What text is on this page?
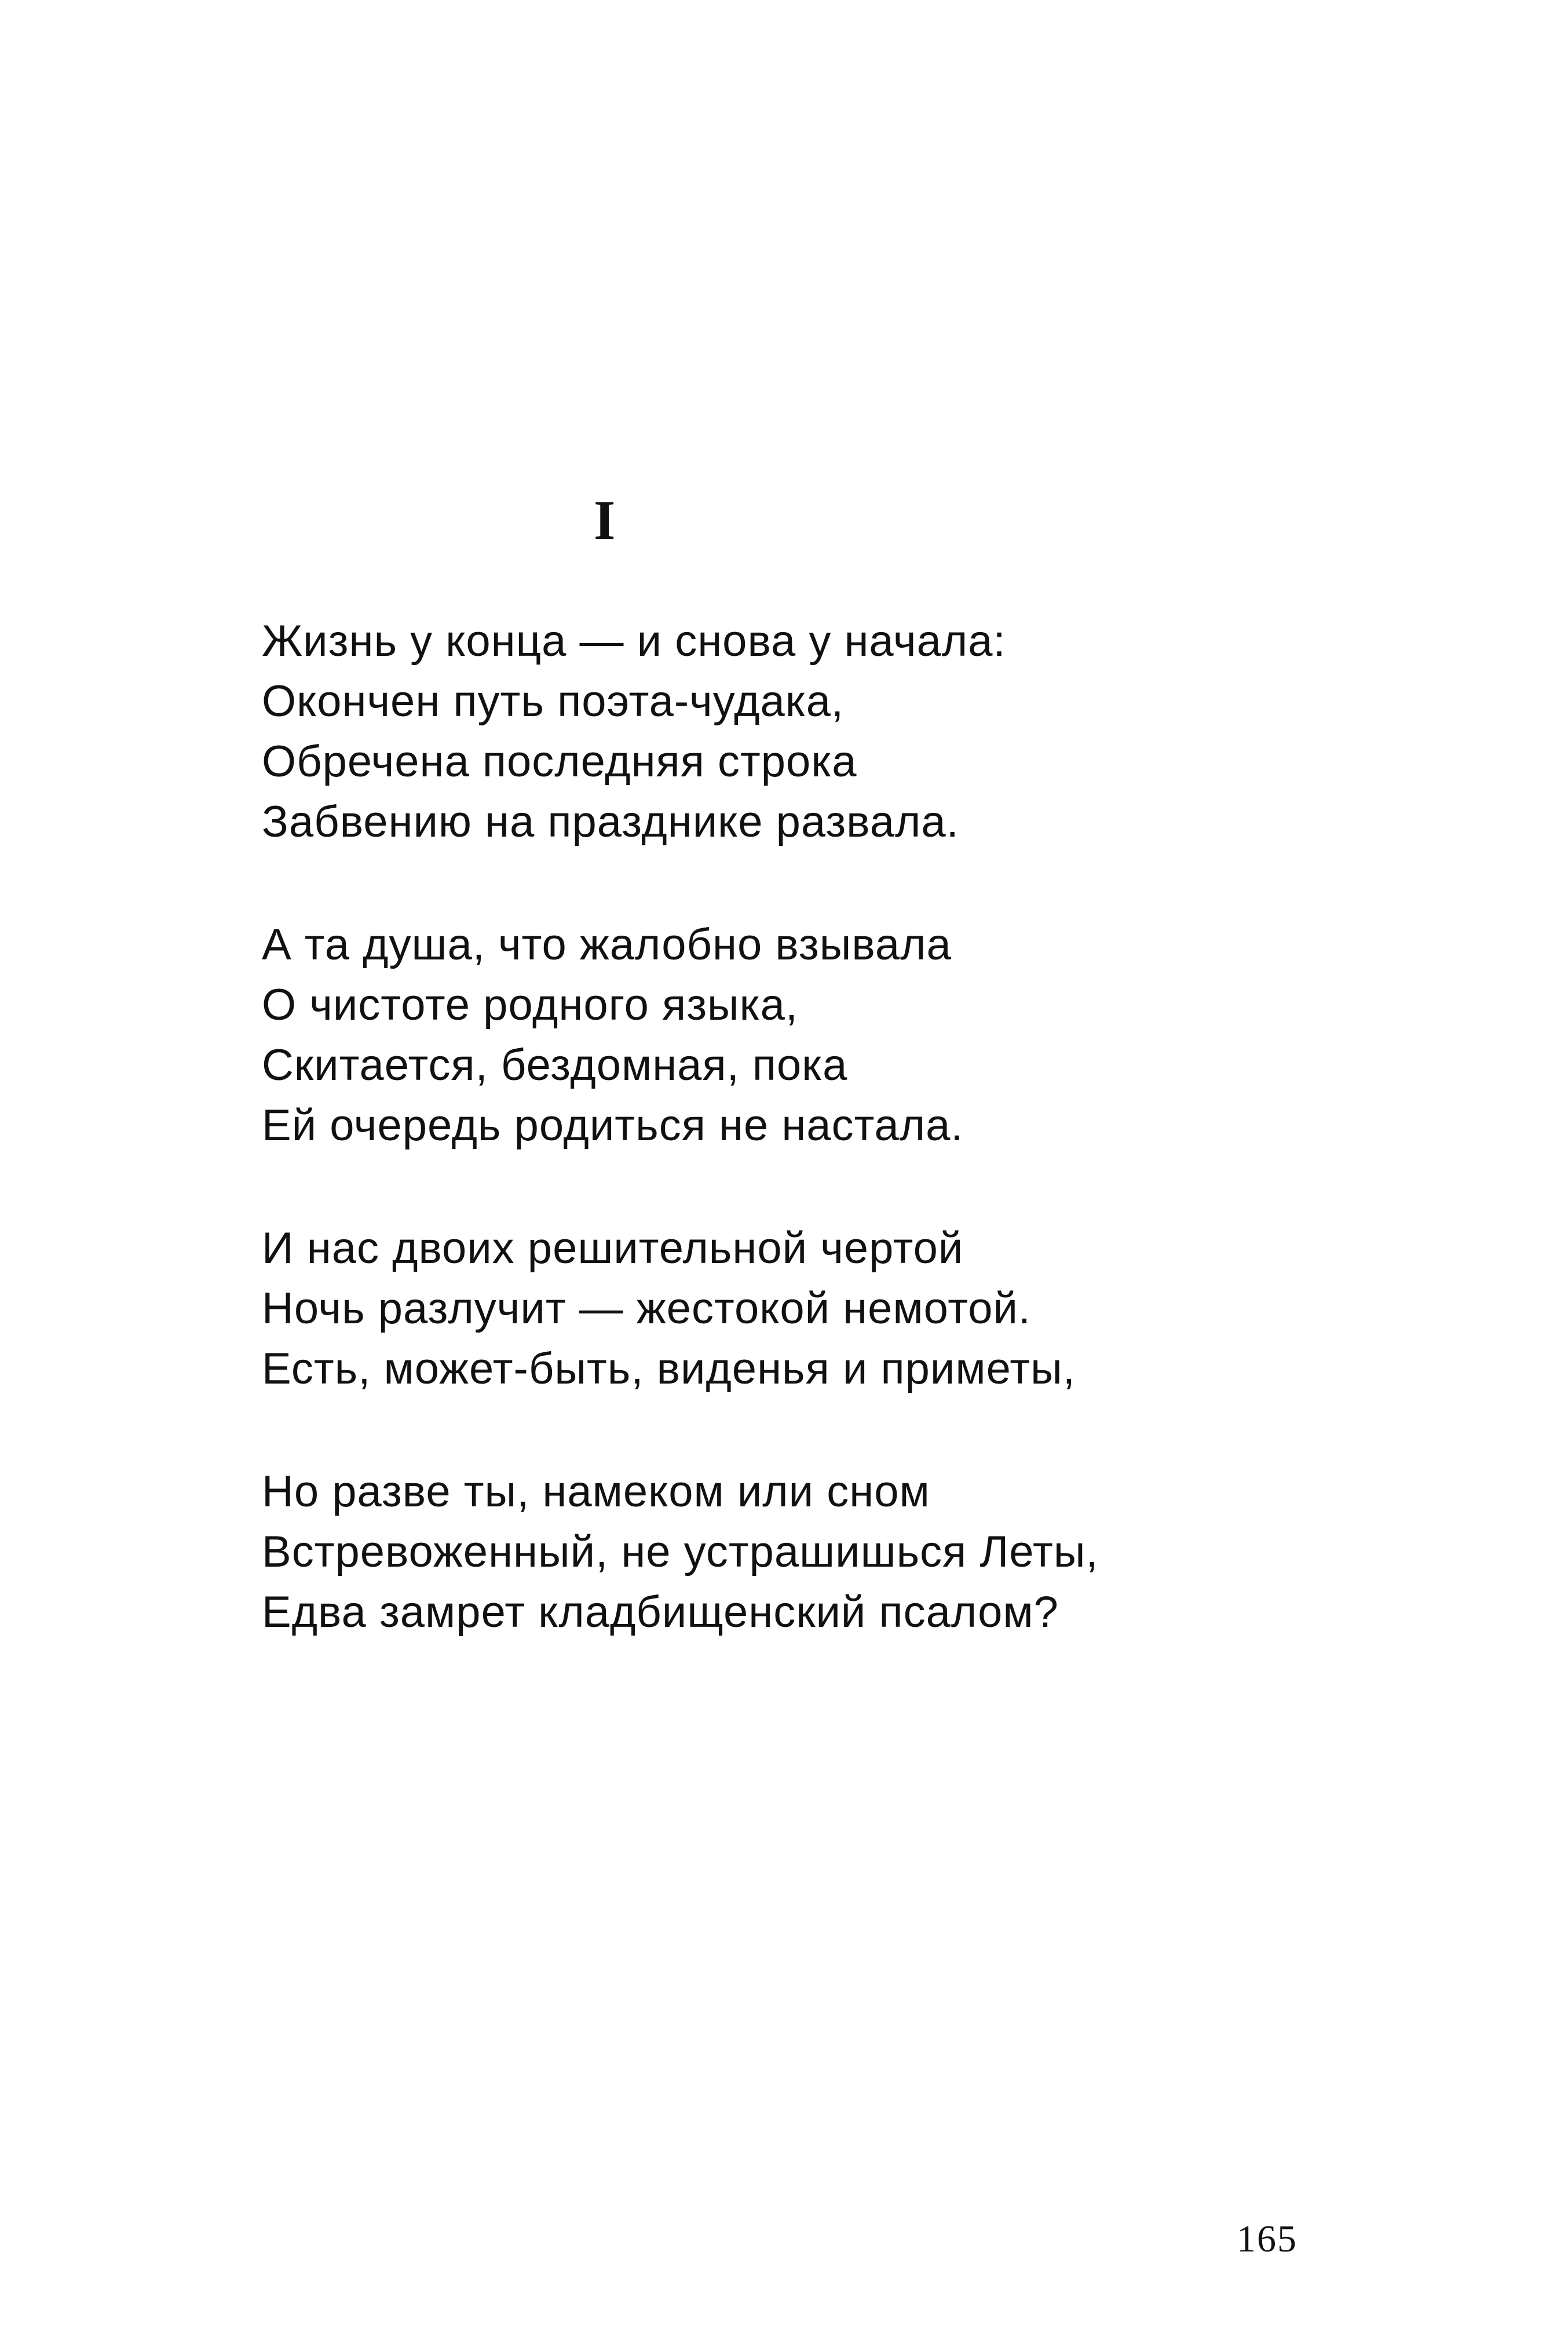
I
Жизнь у конца — и снова у начала:
Окончен путь поэта-чудака,
Обречена последняя строка
Забвению на празднике развала.
А та душа, что жалобно взывала
О чистоте родного языка,
Скитается, бездомная, пока
Ей очередь родиться не настала.
И нас двоих решительной чертой
Ночь разлучит — жестокой немотой.
Есть, может-быть, виденья и приметы,
Но разве ты, намеком или сном
Встревоженный, не устрашишься Леты,
Едва замрет кладбищенский псалом?
165
